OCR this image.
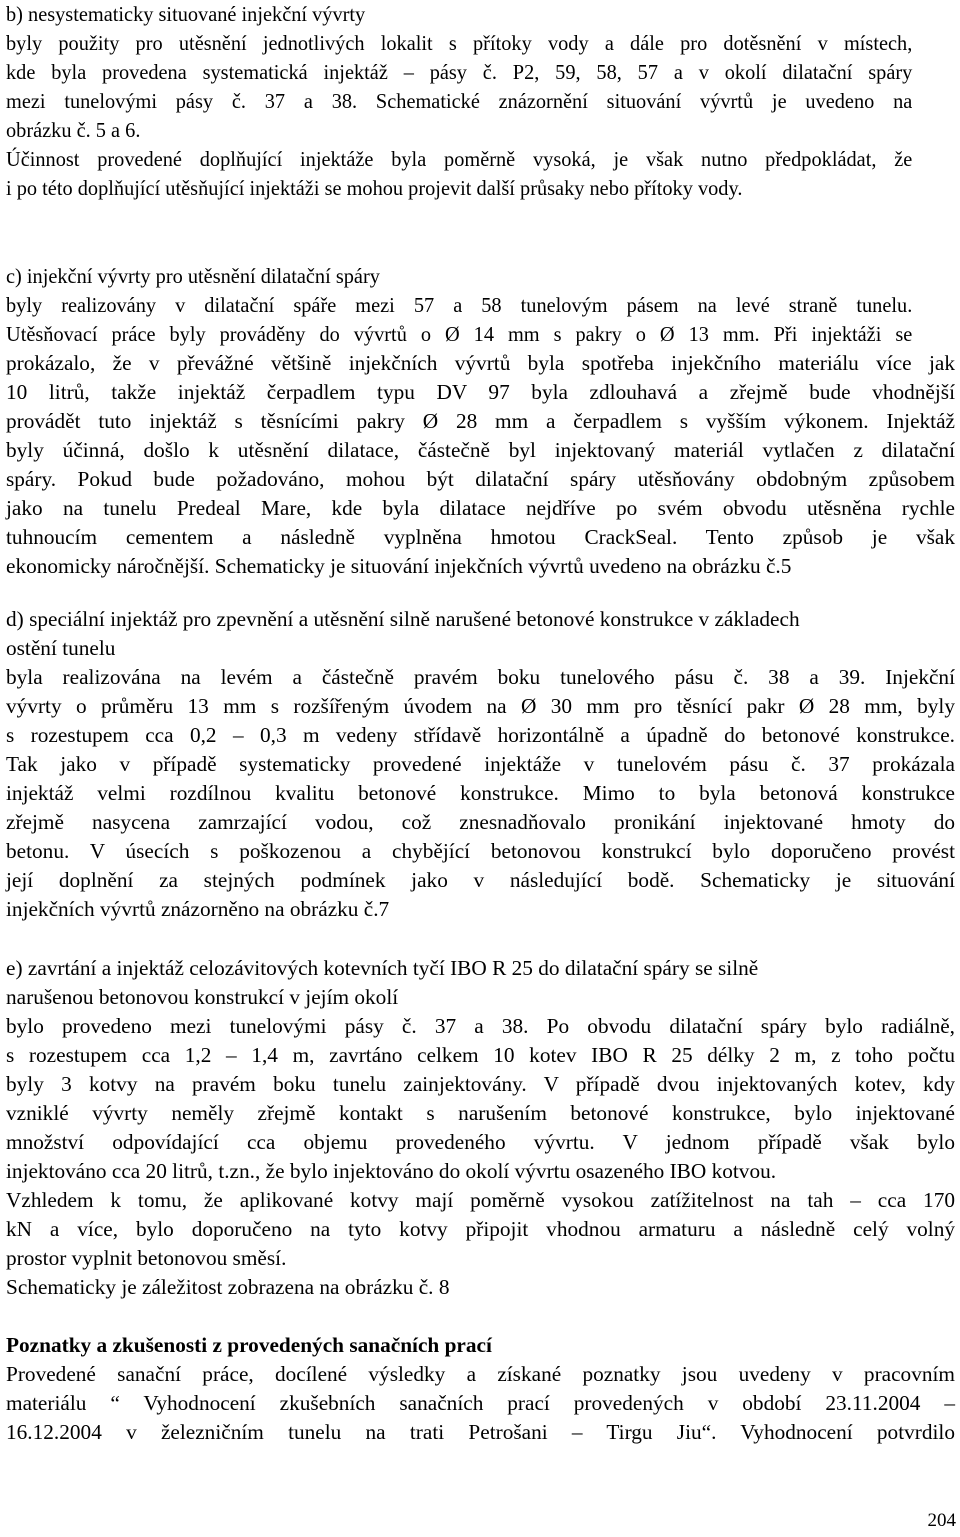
204
b) nesystematicky situované injekční vývrty
byly použity pro utěsnění jednotlivých lokalit s přítoky vody a dále pro dotěsnění v místech,
kde byla provedena systematická injektáž – pásy č. P2, 59, 58, 57 a v okolí dilatační spáry
mezi tunelovými pásy č. 37 a 38. Schematické znázornění situování vývrtů je uvedeno na
obrázku č. 5 a 6.
Účinnost provedené doplňující injektáže byla poměrně vysoká, je však nutno předpokládat, že
i po této doplňující utěsňující injektáži se mohou projevit další průsaky nebo přítoky vody.
c) injekční vývrty pro utěsnění dilatační spáry
byly realizovány v dilatační spáře mezi 57 a 58 tunelovým pásem na levé straně tunelu.
Utěsňovací práce byly prováděny do vývrtů o Ø 14 mm s pakry o Ø 13 mm. Při injektáži se
prokázalo, že v převážné většině injekčních vývrtů byla spotřeba injekčního materiálu více jak
10 litrů, takže injektáž čerpadlem typu DV 97 byla zdlouhavá a zřejmě bude vhodnější
provádět tuto injektáž s těsnícími pakry Ø 28 mm a čerpadlem s vyšším výkonem. Injektáž
byly účinná, došlo k utěsnění dilatace, částečně byl injektovaný materiál vytlačen z dilatační
spáry. Pokud bude požadováno, mohou být dilatační spáry utěsňovány obdobným způsobem
jako na tunelu Predeal Mare, kde byla dilatace nejdříve po svém obvodu utěsněna rychle
tuhnoucím cementem a následně vyplněna hmotou CrackSeal. Tento způsob je však
ekonomicky náročnější. Schematicky je situování injekčních vývrtů uvedeno na obrázku č.5
d) speciální injektáž pro zpevnění a utěsnění silně narušené betonové konstrukce v základech
ostění tunelu
byla realizována na levém a částečně pravém boku tunelového pásu č. 38 a 39. Injekční
vývrty o průměru 13 mm s rozšířeným úvodem na Ø 30 mm pro těsnící pakr Ø 28 mm, byly
s rozestupem cca 0,2 – 0,3 m vedeny střídavě horizontálně a úpadně do betonové konstrukce.
Tak jako v případě systematicky provedené injektáže v tunelovém pásu č. 37 prokázala
injektáž velmi rozdílnou kvalitu betonové konstrukce. Mimo to byla betonová konstrukce
zřejmě nasycena zamrzající vodou, což znesnadňovalo pronikání injektované hmoty do
betonu. V úsecích s poškozenou a chybějící betonovou konstrukcí bylo doporučeno provést
její doplnění za stejných podmínek jako v následující bodě. Schematicky je situování
injekčních vývrtů znázorněno na obrázku č.7
e) zavrtání a injektáž celozávitových kotevních tyčí IBO R 25 do dilatační spáry se silně
narušenou betonovou konstrukcí v jejím okolí
bylo provedeno mezi tunelovými pásy č. 37 a 38. Po obvodu dilatační spáry bylo radiálně,
s rozestupem cca 1,2 – 1,4 m, zavrtáno celkem 10 kotev IBO R 25 délky 2 m, z toho počtu
byly 3 kotvy na pravém boku tunelu zainjektovány. V případě dvou injektovaných kotev, kdy
vzniklé vývrty neměly zřejmě kontakt s narušením betonové konstrukce, bylo injektované
množství odpovídající cca objemu provedeného vývrtu. V jednom případě však bylo
injektováno cca 20 litrů, t.zn., že bylo injektováno do okolí vývrtu osazeného IBO kotvou.
Vzhledem k tomu, že aplikované kotvy mají poměrně vysokou zatížitelnost na tah – cca 170
kN a více, bylo doporučeno na tyto kotvy připojit vhodnou armaturu a následně celý volný
prostor vyplnit betonovou směsí.
Schematicky je záležitost zobrazena na obrázku č. 8
Poznatky a zkušenosti z provedených sanačních prací
Provedené sanační práce, docílené výsledky a získané poznatky jsou uvedeny v pracovním
materiálu “ Vyhodnocení zkušebních sanačních prací provedených v období 23.11.2004 –
16.12.2004 v železničním tunelu na trati Petrošani – Tirgu Jiu“. Vyhodnocení potvrdilo
